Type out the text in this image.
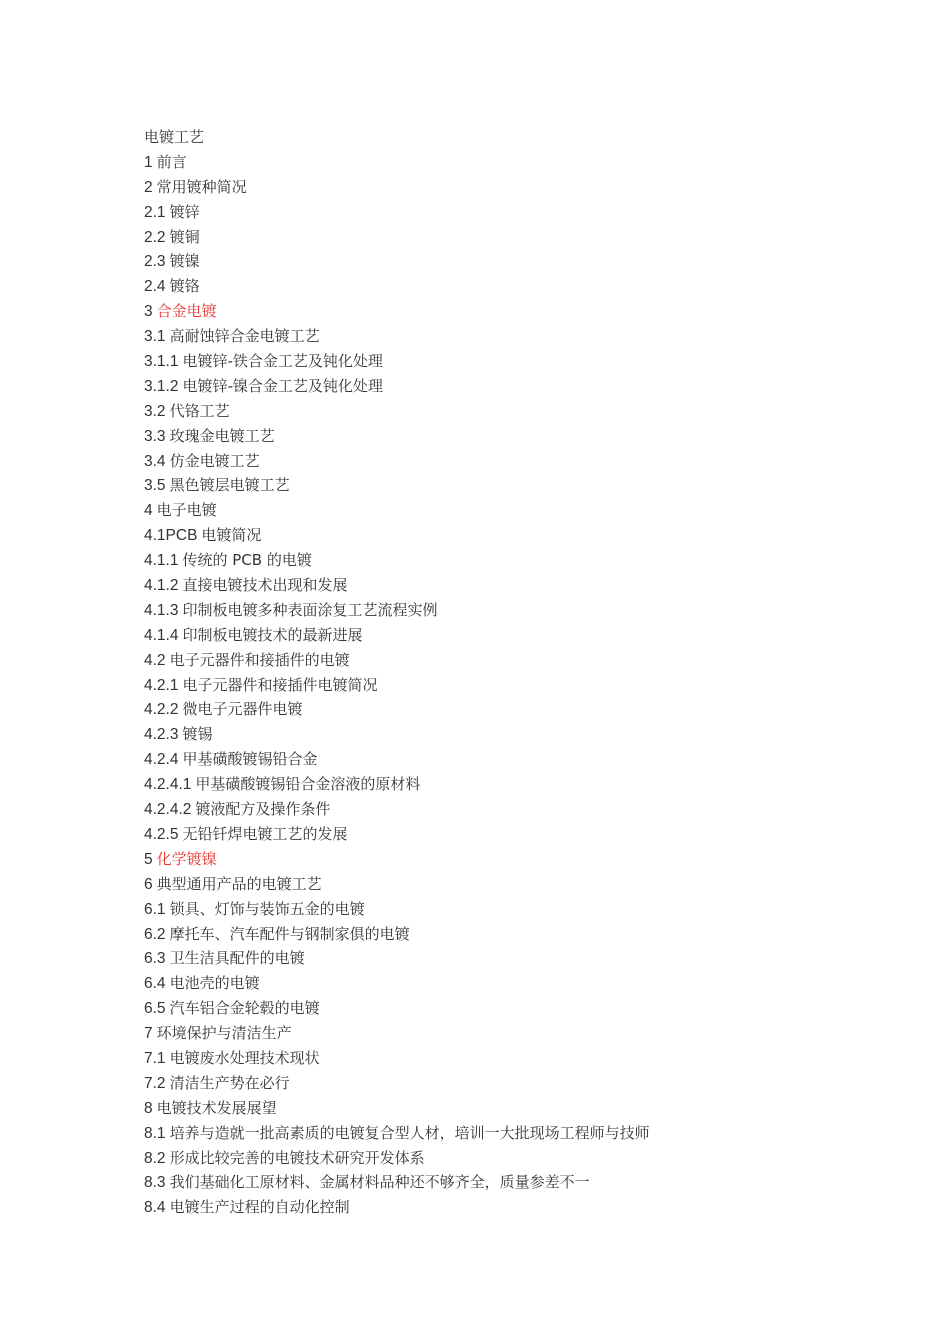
电镀工艺
1 前言
2 常用镀种简况
2.1 镀锌
2.2 镀铜
2.3 镀镍
2.4 镀铬
3 合金电镀
3.1 高耐蚀锌合金电镀工艺
3.1.1 电镀锌-铁合金工艺及钝化处理
3.1.2 电镀锌-镍合金工艺及钝化处理
3.2 代铬工艺
3.3 玫瑰金电镀工艺
3.4 仿金电镀工艺
3.5 黑色镀层电镀工艺
4 电子电镀
4.1PCB 电镀简况
4.1.1 传统的 PCB 的电镀
4.1.2 直接电镀技术出现和发展
4.1.3 印制板电镀多种表面涂复工艺流程实例
4.1.4 印制板电镀技术的最新进展
4.2 电子元器件和接插件的电镀
4.2.1 电子元器件和接插件电镀简况
4.2.2 微电子元器件电镀
4.2.3 镀锡
4.2.4 甲基磺酸镀锡铅合金
4.2.4.1 甲基磺酸镀锡铅合金溶液的原材料
4.2.4.2 镀液配方及操作条件
4.2.5 无铅钎焊电镀工艺的发展
5 化学镀镍
6 典型通用产品的电镀工艺
6.1 锁具、灯饰与装饰五金的电镀
6.2 摩托车、汽车配件与钢制家俱的电镀
6.3 卫生洁具配件的电镀
6.4 电池壳的电镀
6.5 汽车铝合金轮毂的电镀
7 环境保护与清洁生产
7.1 电镀废水处理技术现状
7.2 清洁生产势在必行
8 电镀技术发展展望
8.1 培养与造就一批高素质的电镀复合型人材，培训一大批现场工程师与技师
8.2 形成比较完善的电镀技术研究开发体系
8.3 我们基础化工原材料、金属材料品种还不够齐全，质量参差不一
8.4 电镀生产过程的自动化控制
